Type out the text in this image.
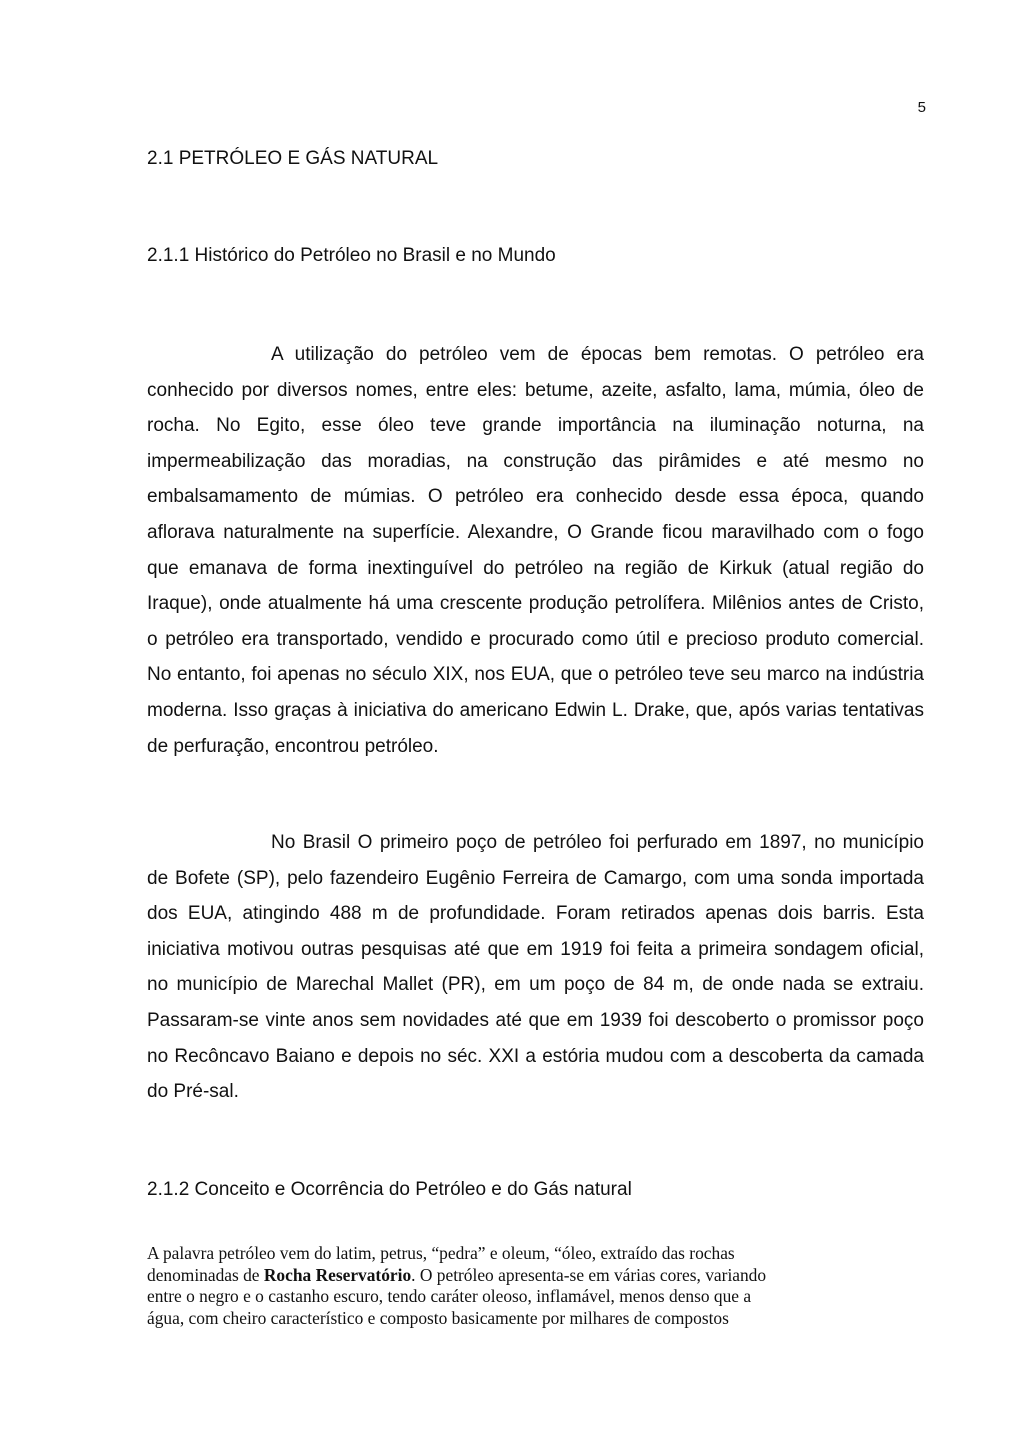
5
2.1 PETRÓLEO E GÁS NATURAL
2.1.1 Histórico do Petróleo no Brasil e no Mundo

A utilização do petróleo vem de épocas bem remotas. O petróleo era conhecido por diversos nomes, entre eles: betume, azeite, asfalto, lama, múmia, óleo de rocha. No Egito, esse óleo teve grande importância na iluminação noturna, na impermeabilização das moradias, na construção das pirâmides e até mesmo no embalsamamento de múmias. O petróleo era conhecido desde essa época, quando aflorava naturalmente na superfície. Alexandre, O Grande ficou maravilhado com o fogo que emanava de forma inextinguível do petróleo na região de Kirkuk (atual região do Iraque), onde atualmente há uma crescente produção petrolífera. Milênios antes de Cristo, o petróleo era transportado, vendido e procurado como útil e precioso produto comercial. No entanto, foi apenas no século XIX, nos EUA, que o petróleo teve seu marco na indústria moderna. Isso graças à iniciativa do americano Edwin L. Drake, que, após varias tentativas de perfuração, encontrou petróleo.

No Brasil O primeiro poço de petróleo foi perfurado em 1897, no município de Bofete (SP), pelo fazendeiro Eugênio Ferreira de Camargo, com uma sonda importada dos EUA, atingindo 488 m de profundidade. Foram retirados apenas dois barris. Esta iniciativa motivou outras pesquisas até que em 1919 foi feita a primeira sondagem oficial, no município de Marechal Mallet (PR), em um poço de 84 m, de onde nada se extraiu. Passaram-se vinte anos sem novidades até que em 1939 foi descoberto o promissor poço no Recôncavo Baiano e depois no séc. XXI a estória mudou com a descoberta da camada do Pré-sal.

2.1.2 Conceito e Ocorrência do Petróleo e do Gás natural

A palavra petróleo vem do latim, petrus, “pedra” e oleum, “óleo, extraído das rochas
denominadas de Rocha Reservatório. O petróleo apresenta-se em várias cores, variando
entre o negro e o castanho escuro, tendo caráter oleoso, inflamável, menos denso que a
água, com cheiro característico e composto basicamente por milhares de compostos
